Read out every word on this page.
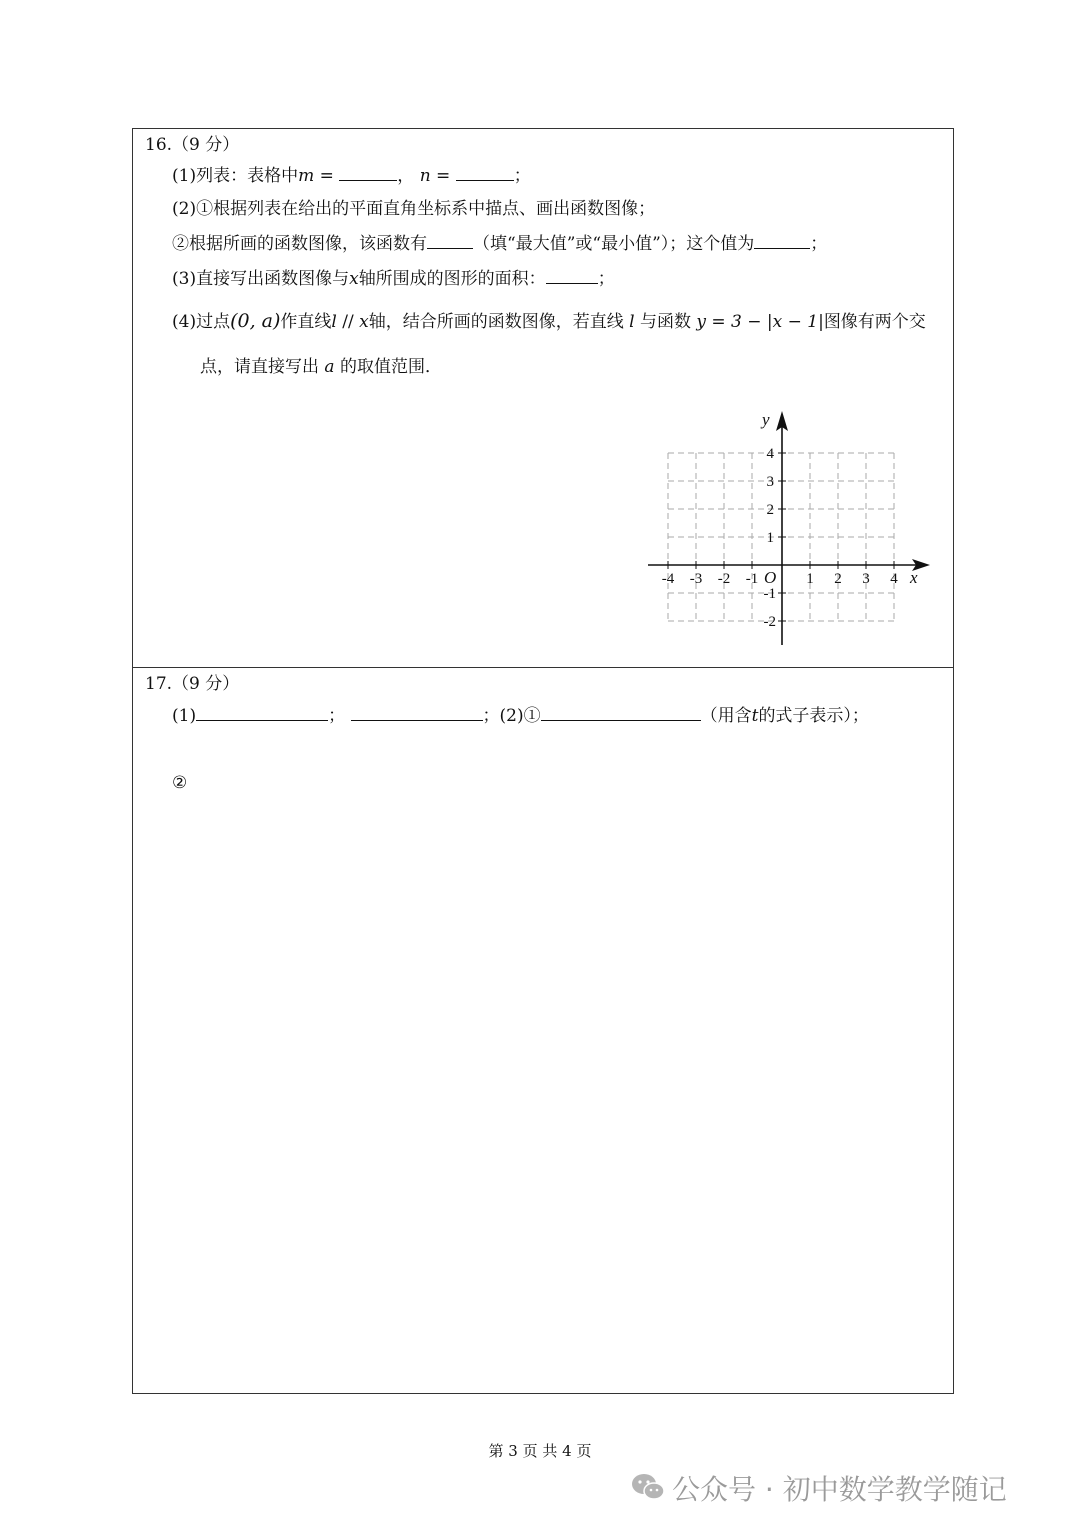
16.（9 分）
(1)列表：表格中m =	， n =	；
(2)①根据列表在给出的平面直角坐标系中描点、画出函数图像；
②根据所画的函数图像，该函数有	（填“最大值”或“最小值”）；这个值为	；
(3)直接写出函数图像与x轴所围成的图形的面积：	；
(4)过点(0, a)作直线l // x轴，结合所画的函数图像，若直线 l 与函数 y = 3 − |x − 1|图像有两个交
点，请直接写出 a 的取值范围．
-4 -3 -2 -1	1 2 3 4
4
3
2
1
-1
-2
O	x
y
17.（9 分）
(1)	；	；(2)①	（用含t的式子表示）；
②
第 3 页 共 4 页
公众号 · 初中数学教学随记
